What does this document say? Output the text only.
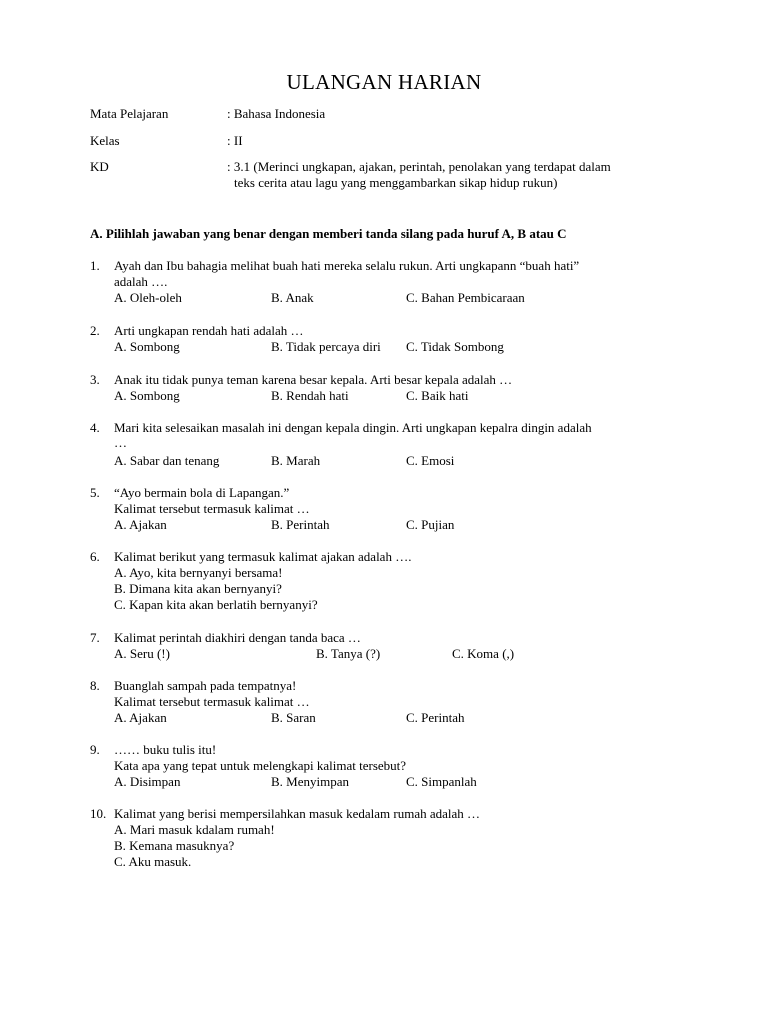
ULANGAN HARIAN
Mata Pelajaran	: Bahasa Indonesia
Kelas	: II
KD	: 3.1 (Merinci ungkapan, ajakan, perintah, penolakan yang terdapat dalam
teks cerita atau lagu yang menggambarkan sikap hidup rukun)
A. Pilihlah jawaban yang benar dengan memberi tanda silang pada huruf A, B atau C
1. Ayah dan Ibu bahagia melihat buah hati mereka selalu rukun. Arti ungkapann “buah hati”
adalah ….
A. Oleh-oleh	B. Anak	C. Bahan Pembicaraan
2. Arti ungkapan rendah hati adalah …
A. Sombong	B. Tidak percaya diri C. Tidak Sombong
3. Anak itu tidak punya teman karena besar kepala. Arti besar kepala adalah …
A. Sombong	B. Rendah hati	C. Baik hati
4. Mari kita selesaikan masalah ini dengan kepala dingin. Arti ungkapan kepalra dingin adalah
…
A. Sabar dan tenang	B. Marah	C. Emosi
5. “Ayo bermain bola di Lapangan.”
Kalimat tersebut termasuk kalimat …
A. Ajakan	B. Perintah	C. Pujian
6. Kalimat berikut yang termasuk kalimat ajakan adalah ….
A. Ayo, kita bernyanyi bersama!
B. Dimana kita akan bernyanyi?
C. Kapan kita akan berlatih bernyanyi?
7. Kalimat perintah diakhiri dengan tanda baca …
A. Seru (!)	B. Tanya (?)	C. Koma (,)
8. Buanglah sampah pada tempatnya!
Kalimat tersebut termasuk kalimat …
A. Ajakan	B. Saran	C. Perintah
9. …… buku tulis itu!
Kata apa yang tepat untuk melengkapi kalimat tersebut?
A. Disimpan	B. Menyimpan	C. Simpanlah
10. Kalimat yang berisi mempersilahkan masuk kedalam rumah adalah …
A. Mari masuk kdalam rumah!
B. Kemana masuknya?
C. Aku masuk.
